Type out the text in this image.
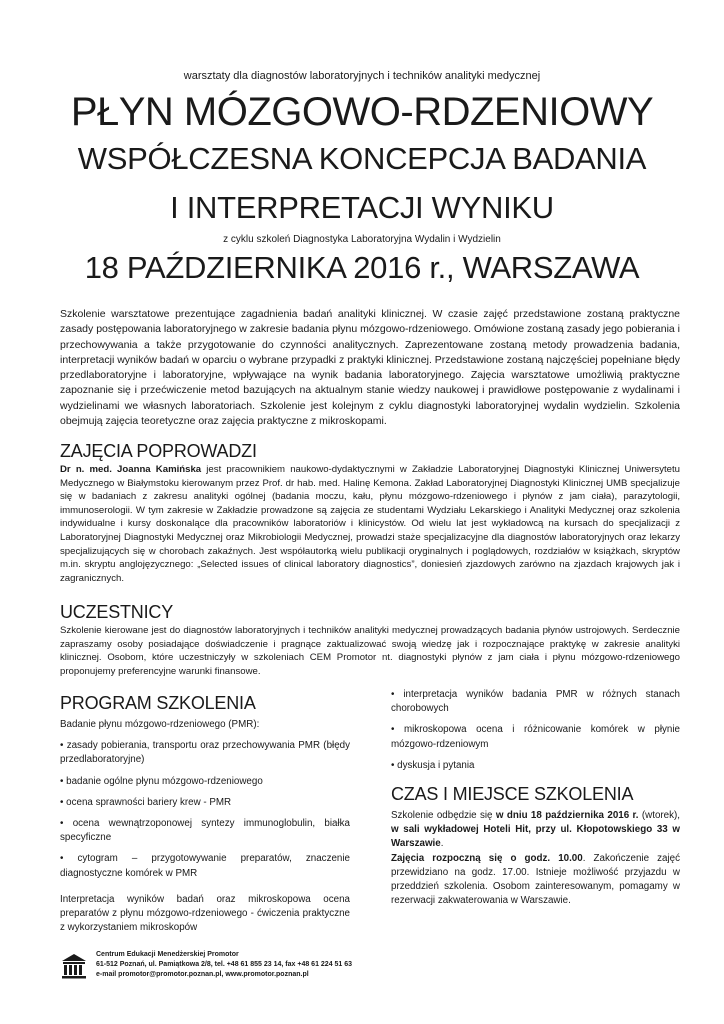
warsztaty dla diagnostów laboratoryjnych i techników analityki medycznej
PŁYN MÓZGOWO-RDZENIOWY
WSPÓŁCZESNA KONCEPCJA BADANIA
I INTERPRETACJI WYNIKU
z cyklu szkoleń Diagnostyka Laboratoryjna Wydalin i Wydzielin
18 PAŹDZIERNIKA 2016 r., WARSZAWA
Szkolenie warsztatowe prezentujące zagadnienia badań analityki klinicznej. W czasie zajęć przedstawione zostaną praktyczne zasady postępowania laboratoryjnego w zakresie badania płynu mózgowo-rdzeniowego. Omówione zostaną zasady jego pobierania i przechowywania a także przygotowanie do czynności analitycznych. Zaprezentowane zostaną metody prowadzenia badania, interpretacji wyników badań w oparciu o wybrane przypadki z praktyki klinicznej. Przedstawione zostaną najczęściej popełniane błędy przedlaboratoryjne i laboratoryjne, wpływające na wynik badania laboratoryjnego. Zajęcia warsztatowe umożliwią praktyczne zapoznanie się i przećwiczenie metod bazujących na aktualnym stanie wiedzy naukowej i prawidłowe postępowanie z wydalinami i wydzielinami we własnych laboratoriach. Szkolenie jest kolejnym z cyklu diagnostyki laboratoryjnej wydalin wydzielin. Szkolenia obejmują zajęcia teoretyczne oraz zajęcia praktyczne z mikroskopami.
ZAJĘCIA POPROWADZI
Dr n. med. Joanna Kamińska jest pracownikiem naukowo-dydaktycznymi w Zakładzie Laboratoryjnej Diagnostyki Klinicznej Uniwersytetu Medycznego w Białymstoku kierowanym przez Prof. dr hab. med. Halinę Kemona. Zakład Laboratoryjnej Diagnostyki Klinicznej UMB specjalizuje się w badaniach z zakresu analityki ogólnej (badania moczu, kału, płynu mózgowo-rdzeniowego i płynów z jam ciała), parazytologii, immunoserologii. W tym zakresie w Zakładzie prowadzone są zajęcia ze studentami Wydziału Lekarskiego i Analityki Medycznej oraz szkolenia indywidualne i kursy doskonalące dla pracowników laboratoriów i klinicystów. Od wielu lat jest wykładowcą na kursach do specjalizacji z Laboratoryjnej Diagnostyki Medycznej oraz Mikrobiologii Medycznej, prowadzi staże specjalizacyjne dla diagnostów laboratoryjnych oraz lekarzy specjalizujących się w chorobach zakaźnych. Jest współautorką wielu publikacji oryginalnych i poglądowych, rozdziałów w książkach, skryptów m.in. skryptu anglojęzycznego: „Selected issues of clinical laboratory diagnostics”, doniesień zjazdowych zarówno na zjazdach krajowych jak i zagranicznych.
UCZESTNICY
Szkolenie kierowane jest do diagnostów laboratoryjnych i techników analityki medycznej prowadzących badania płynów ustrojowych. Serdecznie zapraszamy osoby posiadające doświadczenie i pragnące zaktualizować swoją wiedzę jak i rozpocznające praktykę w zakresie analityki klinicznej. Osobom, które uczestniczyły w szkoleniach CEM Promotor nt. diagnostyki płynów z jam ciała i płynu mózgowo-rdzeniowego proponujemy preferencyjne warunki finansowe.
PROGRAM SZKOLENIA
Badanie płynu mózgowo-rdzeniowego (PMR):
• zasady pobierania, transportu oraz przechowywania PMR (błędy przedlaboratoryjne)
• badanie ogólne płynu mózgowo-rdzeniowego
• ocena sprawności bariery krew - PMR
• ocena wewnątrzoponowej syntezy immunoglobulin, białka specyficzne
• cytogram – przygotowywanie preparatów, znaczenie diagnostyczne komórek w PMR
Interpretacja wyników badań oraz mikroskopowa ocena preparatów z płynu mózgowo-rdzeniowego - ćwiczenia praktyczne z wykorzystaniem mikroskopów
• interpretacja wyników badania PMR w różnych stanach chorobowych
• mikroskopowa ocena i różnicowanie komórek w płynie mózgowo-rdzeniowym
• dyskusja i pytania
CZAS I MIEJSCE SZKOLENIA
Szkolenie odbędzie się w dniu 18 października 2016 r. (wtorek), w sali wykładowej Hoteli Hit, przy ul. Kłopotowskiego 33 w Warszawie.
Zajęcia rozpoczną się o godz. 10.00. Zakończenie zajęć przewidziano na godz. 17.00. Istnieje możliwość przyjazdu w przeddzień szkolenia. Osobom zainteresowanym, pomagamy w rezerwacji zakwaterowania w Warszawie.
Centrum Edukacji Menedżerskiej Promotor
61-512 Poznań, ul. Pamiątkowa 2/8, tel. +48 61 855 23 14, fax +48 61 224 51 63
e-mail promotor@promotor.poznan.pl, www.promotor.poznan.pl
